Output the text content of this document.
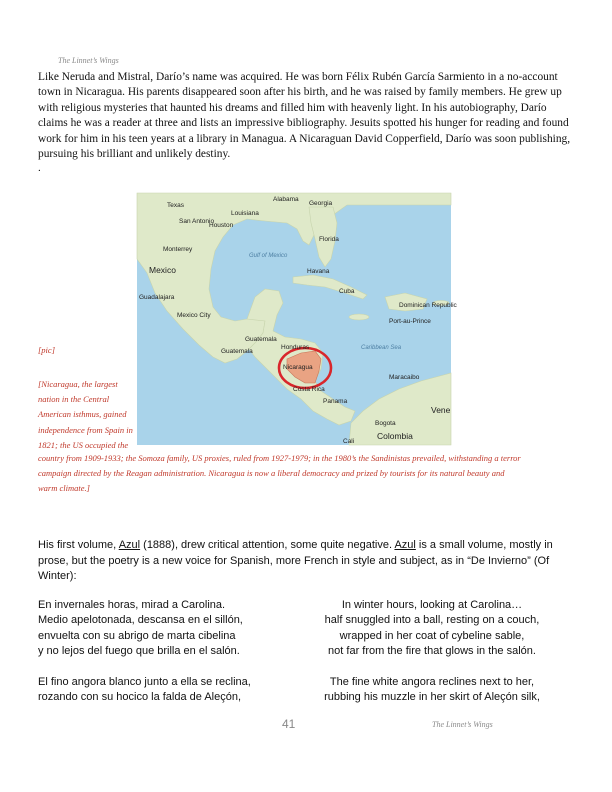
The Linnet’s Wings

Like Neruda and Mistral, Darío’s name was acquired. He was born Félix Rubén García Sarmiento in a no-account town in Nicaragua. His parents disappeared soon after his birth, and he was raised by family members. He grew up with religious mysteries that haunted his dreams and filled him with heavenly light. In his autobiography, Darío claims he was a reader at three and lists an impressive bibliography. Jesuits spotted his hunger for reading and found work for him in his teen years at a library in Managua. A Nicaraguan David Copperfield, Darío was soon publishing, pursuing his brilliant and unlikely destiny.

.
Texas
Alabama
Georgia
Louisiana
San Antonio
Houston
Florida
Monterrey
Gulf of Mexico
Mexico	Havana
Cuba
Guadalajara
Mexico City
Dominican Republic
Port-au-Prince
Guatemala
Guatemala
Honduras
Nicaragua
Caribbean Sea
Costa Rica
Maracaibo
Panama
Vene
Bogota
Colombia
Cali
[pic]
[Nicaragua, the largest
nation in the Central
American isthmus, gained
independence from Spain in
1821; the US occupied the
country from 1909-1933; the Somoza family, US proxies, ruled from 1927-1979; in the 1980’s the Sandinistas prevailed, withstanding a terror
campaign directed by the Reagan administration. Nicaragua is now a liberal democracy and prized by tourists for its natural beauty and
warm climate.]

His first volume, Azul (1888), drew critical attention, some quite negative. Azul is a small volume, mostly in prose, but the poetry is a new voice for Spanish, more French in style and subject, as in “De Invierno” (Of Winter):

En invernales horas, mirad a Carolina.
Medio apelotonada, descansa en el sillón,
envuelta con su abrigo de marta cibelina
y no lejos del fuego que brilla en el salón.
El fino angora blanco junto a ella se reclina,
rozando con su hocico la falda de Aleçón,
In winter hours, looking at Carolina…
half snuggled into a ball, resting on a couch,
wrapped in her coat of cybeline sable,
not far from the fire that glows in the salón.
The fine white angora reclines next to her,
rubbing his muzzle in her skirt of Aleçón silk,
41	The Linnet’s Wings
